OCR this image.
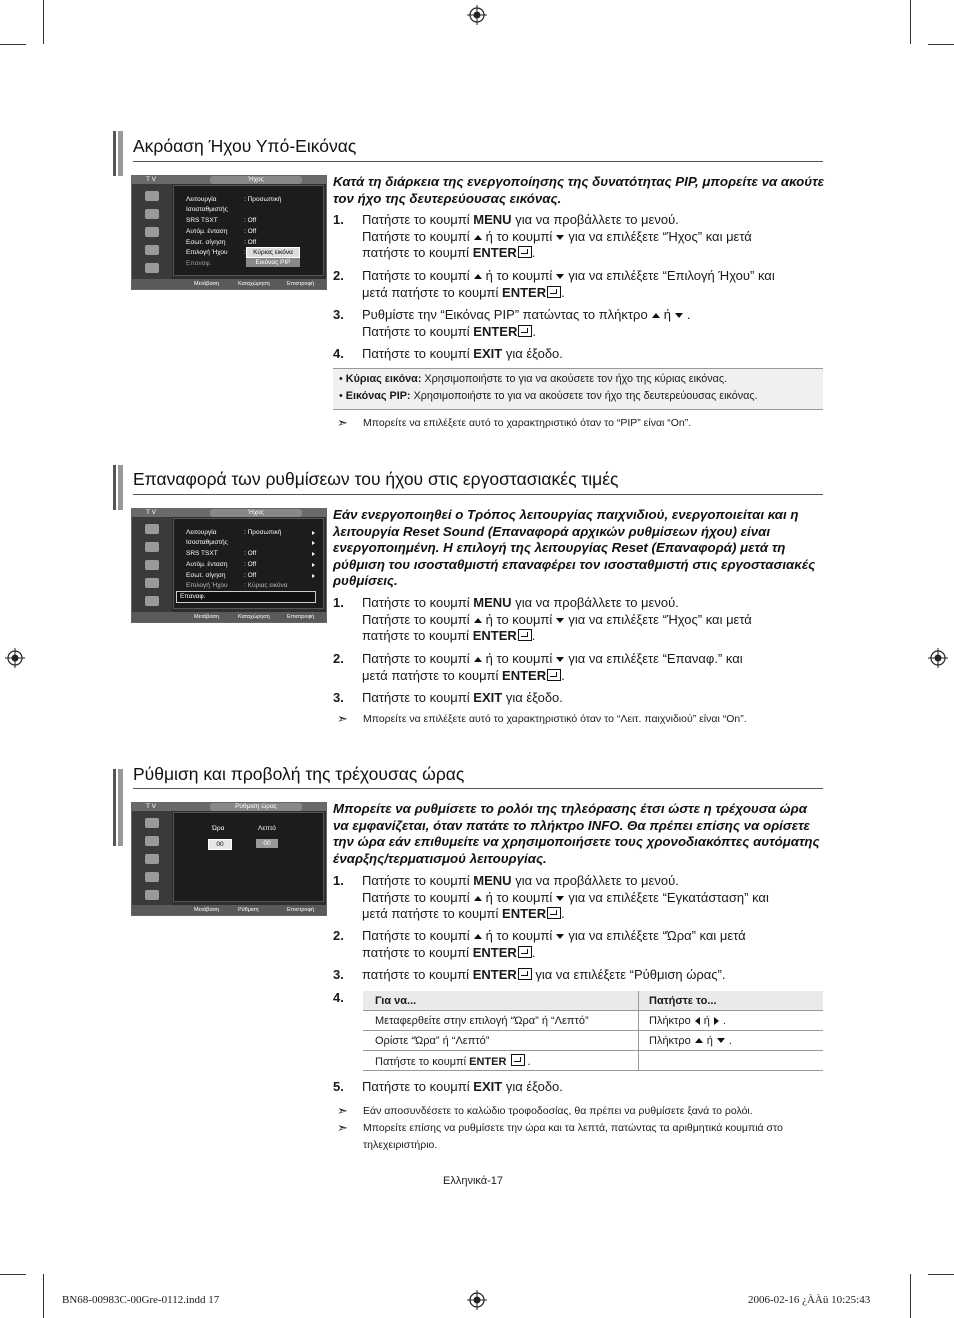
Ακρόαση Ήχου Υπό-Εικόνας
T V	Ήχος
Λειτουργία	: Προσωπική
Ισοσταθμιστής
SRS TSXT	: Off
Αυτόμ. ένταση	: Off
Εσωτ. σίγηση	: Off
Επιλογή Ήχου	:
Επαναφ.
Κύριας εικόνα
Εικόνας PIP
Μετάβαση	Καταχώρηση	Επιστροφή
Κατά τη διάρκεια της ενεργοποίησης της δυνατότητας PIP, μπορείτε να ακούτε τον ήχο της δευτερεύουσας εικόνας.
1. Πατήστε το κουμπί MENU για να προβάλλετε το μενού.
Πατήστε το κουμπί ή το κουμπί για να επιλέξετε “Ήχος” και μετά
πατήστε το κουμπί ENTER .
2. Πατήστε το κουμπί ή το κουμπί για να επιλέξετε “Επιλογή Ήχου” και
μετά πατήστε το κουμπί ENTER .
3. Ρυθμίστε την “Εικόνας PIP” πατώντας το πλήκτρο ή .
Πατήστε το κουμπί ENTER .
4. Πατήστε το κουμπί EXIT για έξοδο.
• Κύριας εικόνα: Χρησιμοποιήστε το για να ακούσετε τον ήχο της κύριας εικόνας.
• Εικόνας PIP: Χρησιμοποιήστε το για να ακούσετε τον ήχο της δευτερεύουσας εικόνας.
➣ Μπορείτε να επιλέξετε αυτό το χαρακτηριστικό όταν το “PIP” είναι “On”.
Επαναφορά των ρυθμίσεων του ήχου στις εργοστασιακές τιμές
T V	Ήχος
Λειτουργία	: Προσωπική
Ισοσταθμιστής
SRS TSXT	: Off
Αυτόμ. ένταση	: Off
Εσωτ. σίγηση	: Off
Επιλογή Ήχου	: Κύριας εικόνα
Επαναφ.
Μετάβαση	Καταχώρηση	Επιστροφή
Εάν ενεργοποιηθεί ο Τρόπος λειτουργίας παιχνιδιού, ενεργοποιείται και η λειτουργία Reset Sound (Επαναφορά αρχικών ρυθμίσεων ήχου) είναι ενεργοποιημένη. Η επιλογή της λειτουργίας Reset (Επαναφορά) μετά τη ρύθμιση του ισοσταθμιστή επαναφέρει τον ισοσταθμιστή στις εργοστασιακές ρυθμίσεις.
1. Πατήστε το κουμπί MENU για να προβάλλετε το μενού.
Πατήστε το κουμπί ή το κουμπί για να επιλέξετε “Ήχος” και μετά
πατήστε το κουμπί ENTER .
2. Πατήστε το κουμπί ή το κουμπί για να επιλέξετε “Επαναφ.” και
μετά πατήστε το κουμπί ENTER .
3. Πατήστε το κουμπί EXIT για έξοδο.
➣ Μπορείτε να επιλέξετε αυτό το χαρακτηριστικό όταν το “Λειτ. παιχνιδιού” είναι “On”.
Ρύθμιση και προβολή της τρέχουσας ώρας
T V	Ρύθμιση ώρας
Ώρα	Λεπτό
00	00
Μετάβαση	Ρύθμιση	Επιστροφή
Μπορείτε να ρυθμίσετε το ρολόι της τηλεόρασης έτσι ώστε η τρέχουσα ώρα να εμφανίζεται, όταν πατάτε το πλήκτρο INFO. Θα πρέπει επίσης να ορίσετε την ώρα εάν επιθυμείτε να χρησιμοποιήσετε τους χρονοδιακόπτες αυτόματης έναρξης/τερματισμού λειτουργίας.
1. Πατήστε το κουμπί MENU για να προβάλλετε το μενού.
Πατήστε το κουμπί ή το κουμπί για να επιλέξετε “Εγκατάσταση” και
μετά πατήστε το κουμπί ENTER .
2. Πατήστε το κουμπί ή το κουμπί για να επιλέξετε “Ώρα” και μετά
πατήστε το κουμπί ENTER .
3. πατήστε το κουμπί ENTER για να επιλέξετε “Ρύθμιση ώρας”.
4.	Για να...	Πατήστε το...
Μεταφερθείτε στην επιλογή “Ώρα” ή “Λεπτό”	Πλήκτρο ή .
Ορίστε “Ώρα” ή “Λεπτό”	Πλήκτρο ή .
Πατήστε το κουμπί ENTER  .	
5. Πατήστε το κουμπί EXIT για έξοδο.
➣ Εάν αποσυνδέσετε το καλώδιο τροφοδοσίας, θα πρέπει να ρυθμίσετε ξανά το ρολόι.
➣ Μπορείτε επίσης να ρυθμίσετε την ώρα και τα λεπτά, πατώντας τα αριθμητικά κουμπιά στο τηλεχειριστήριο.
Ελληνικά-17
BN68-00983C-00Gre-0112.indd 17	2006-02-16 ¿ÀÀü 10:25:43
